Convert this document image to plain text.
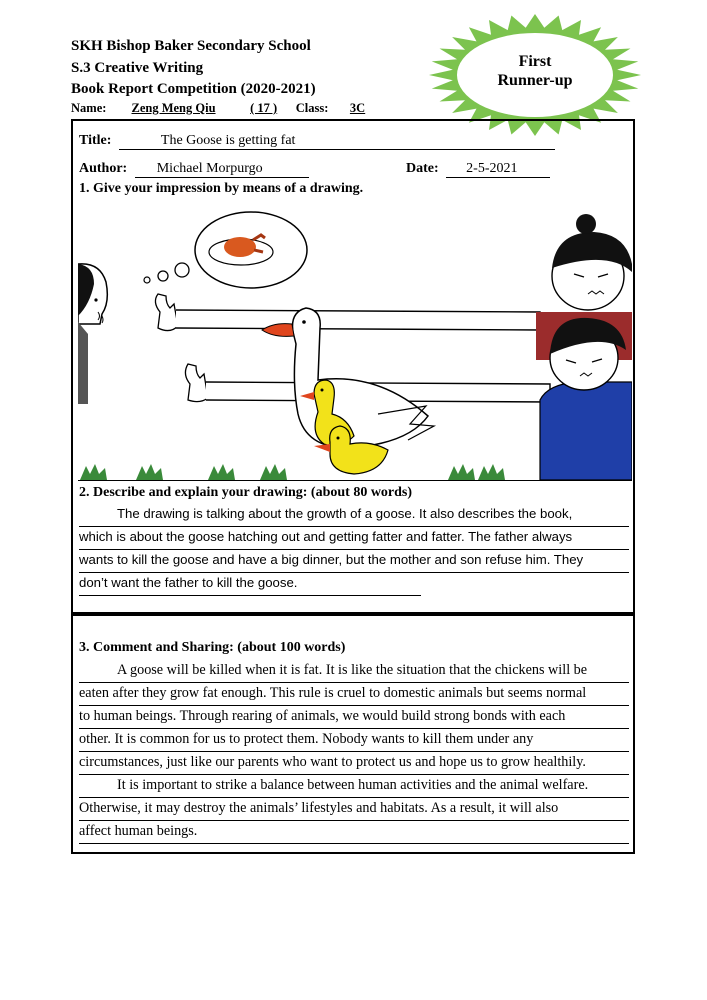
SKH Bishop Baker Secondary School
S.3 Creative Writing
Book Report Competition (2020-2021)
Name: Zeng Meng Qiu	( 17 ) Class: 3C
First
Runner-up
Title:	The Goose is getting fat
Author: Michael Morpurgo	Date: 2-5-2021
1. Give your impression by means of a drawing.
2. Describe and explain your drawing: (about 80 words)
The drawing is talking about the growth of a goose. It also describes the book,
which is about the goose hatching out and getting fatter and fatter. The father always
wants to kill the goose and have a big dinner, but the mother and son refuse him. They
don’t want the father to kill the goose.
3. Comment and Sharing: (about 100 words)
A goose will be killed when it is fat. It is like the situation that the chickens will be
eaten after they grow fat enough. This rule is cruel to domestic animals but seems normal
to human beings. Through rearing of animals, we would build strong bonds with each
other. It is common for us to protect them. Nobody wants to kill them under any
circumstances, just like our parents who want to protect us and hope us to grow healthily.
It is important to strike a balance between human activities and the animal welfare.
Otherwise, it may destroy the animals’ lifestyles and habitats. As a result, it will also
affect human beings.
